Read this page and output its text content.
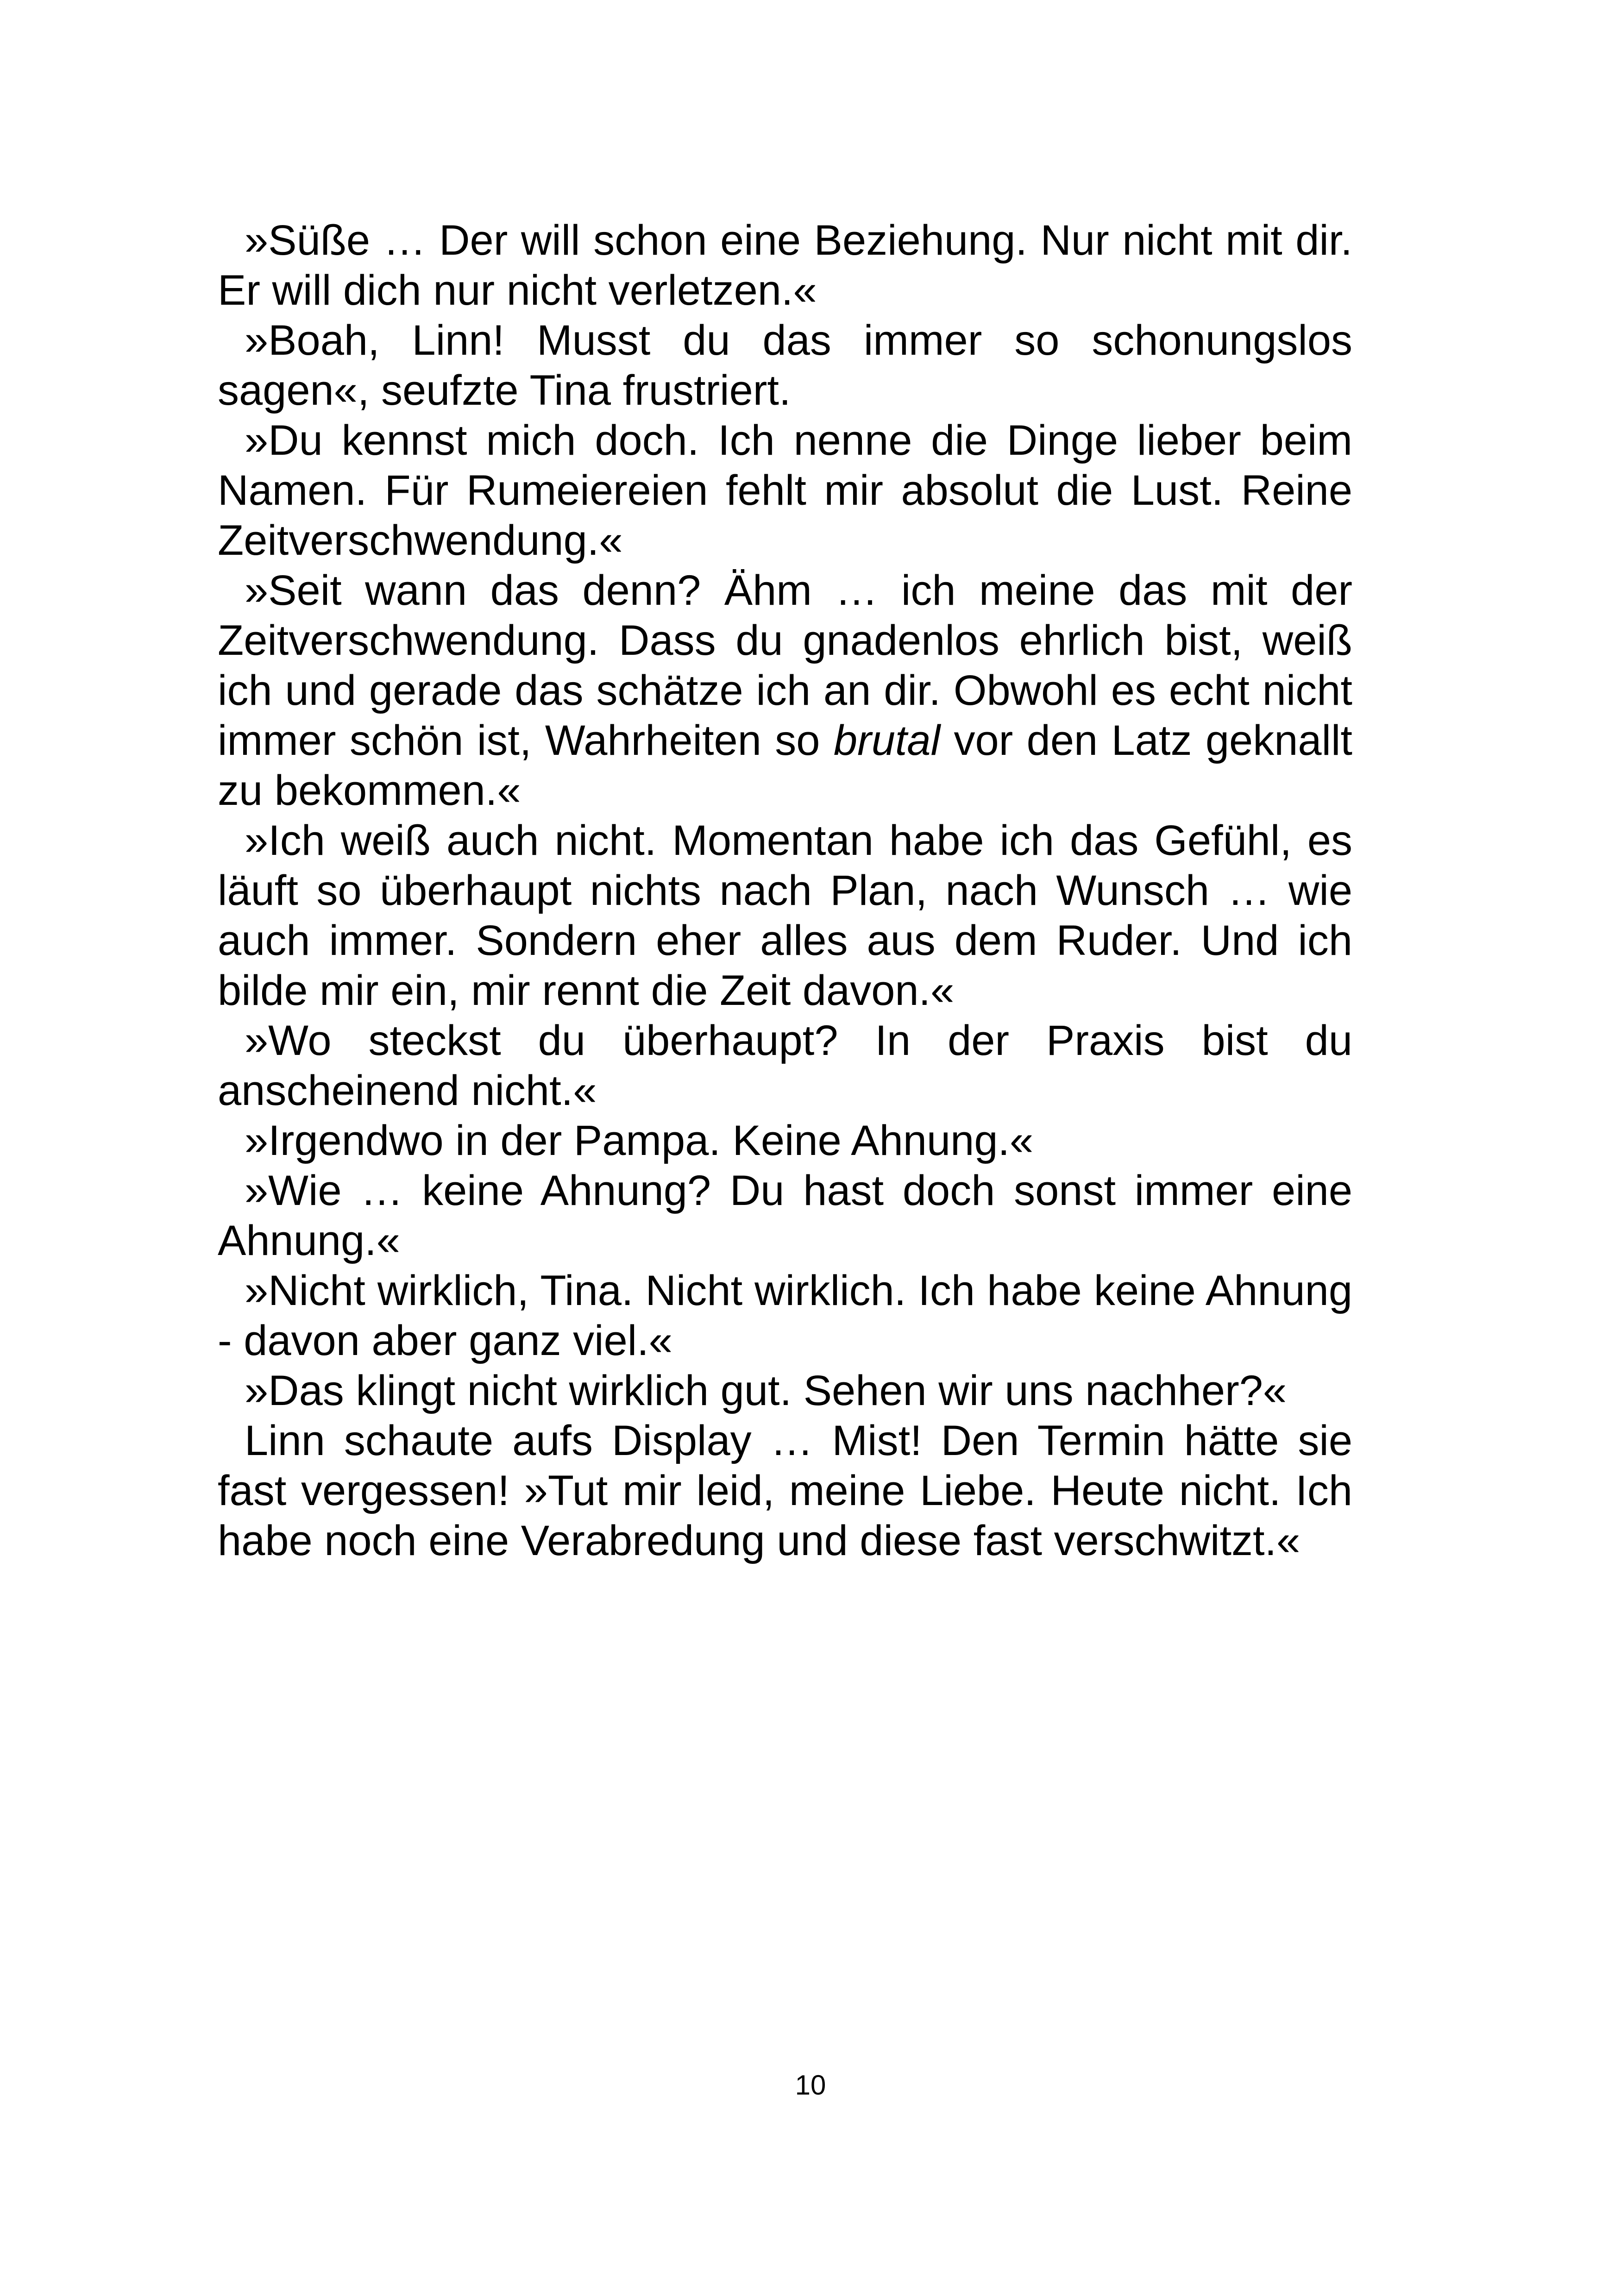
»Süße … Der will schon eine Beziehung. Nur nicht mit dir. Er will dich nur nicht verletzen.«

»Boah, Linn! Musst du das immer so schonungslos sagen«, seufzte Tina frustriert.

»Du kennst mich doch. Ich nenne die Dinge lieber beim Namen. Für Rumeiereien fehlt mir absolut die Lust. Reine Zeitverschwendung.«

»Seit wann das denn? Ähm … ich meine das mit der Zeitverschwendung. Dass du gnadenlos ehrlich bist, weiß ich und gerade das schätze ich an dir. Obwohl es echt nicht immer schön ist, Wahrheiten so brutal vor den Latz geknallt zu bekommen.«

»Ich weiß auch nicht. Momentan habe ich das Gefühl, es läuft so überhaupt nichts nach Plan, nach Wunsch … wie auch immer. Sondern eher alles aus dem Ruder. Und ich bilde mir ein, mir rennt die Zeit davon.«

»Wo steckst du überhaupt? In der Praxis bist du anscheinend nicht.«

»Irgendwo in der Pampa. Keine Ahnung.«

»Wie … keine Ahnung? Du hast doch sonst immer eine Ahnung.«

»Nicht wirklich, Tina. Nicht wirklich. Ich habe keine Ahnung - davon aber ganz viel.«

»Das klingt nicht wirklich gut. Sehen wir uns nachher?«

Linn schaute aufs Display … Mist! Den Termin hätte sie fast vergessen! »Tut mir leid, meine Liebe. Heute nicht. Ich habe noch eine Verabredung und diese fast verschwitzt.«

10
